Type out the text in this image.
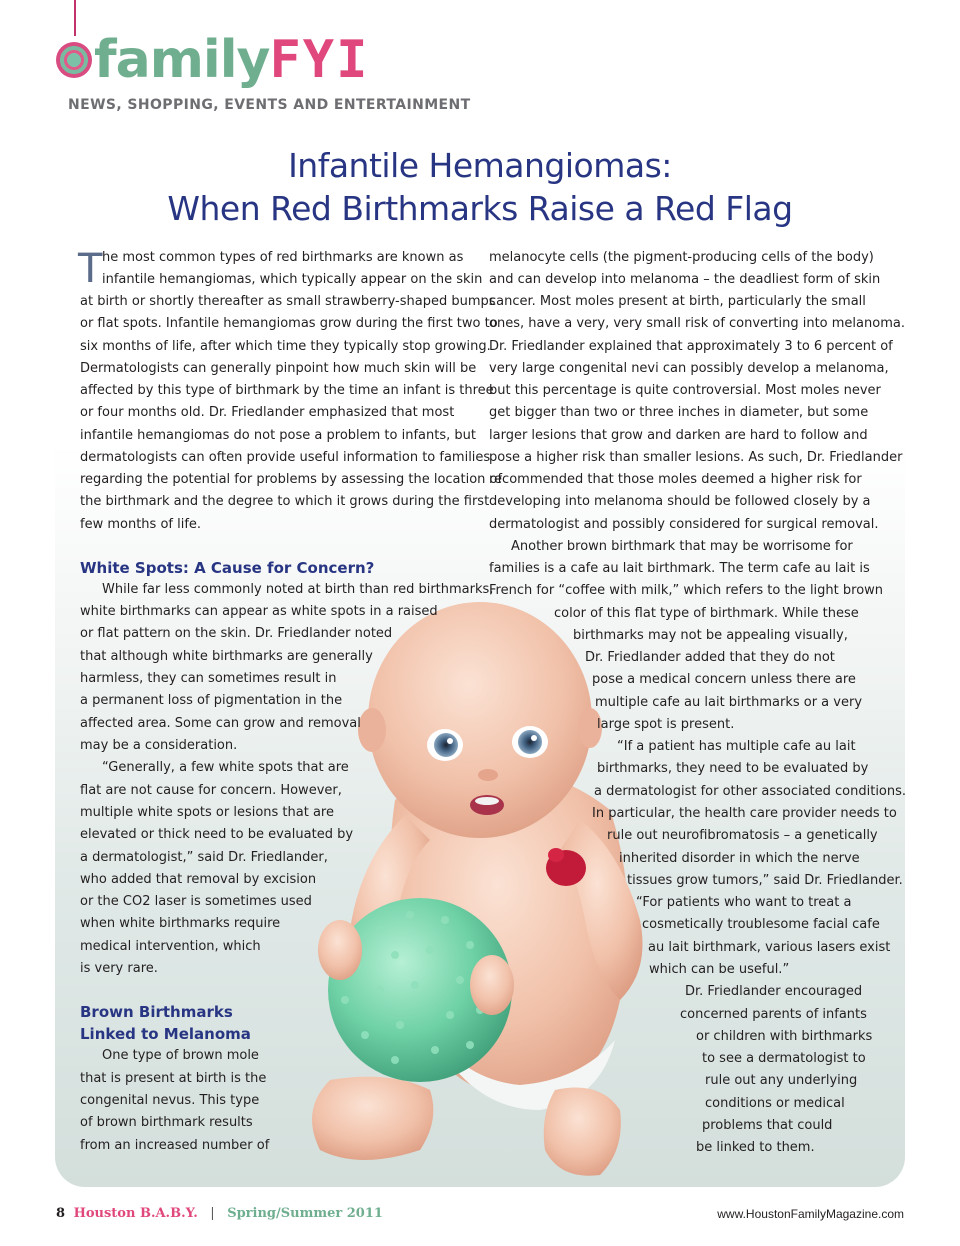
familyFYI
NEWS, SHOPPING, EVENTS AND ENTERTAINMENT
Infantile Hemangiomas:
When Red Birthmarks Raise a Red Flag
T he most common types of red birthmarks are known as
infantile hemangiomas, which typically appear on the skin
at birth or shortly thereafter as small strawberry-shaped bumps
or flat spots. Infantile hemangiomas grow during the first two to
six months of life, after which time they typically stop growing.
Dermatologists can generally pinpoint how much skin will be
affected by this type of birthmark by the time an infant is three
or four months old. Dr. Friedlander emphasized that most
infantile hemangiomas do not pose a problem to infants, but
dermatologists can often provide useful information to families
regarding the potential for problems by assessing the location of
the birthmark and the degree to which it grows during the first
few months of life.
White Spots: A Cause for Concern?
While far less commonly noted at birth than red birthmarks,
white birthmarks can appear as white spots in a raised
or flat pattern on the skin. Dr. Friedlander noted
that although white birthmarks are generally
harmless, they can sometimes result in
a permanent loss of pigmentation in the
affected area. Some can grow and removal
may be a consideration.
“Generally, a few white spots that are
flat are not cause for concern. However,
multiple white spots or lesions that are
elevated or thick need to be evaluated by
a dermatologist,” said Dr. Friedlander,
who added that removal by excision
or the CO2 laser is sometimes used
when white birthmarks require
medical intervention, which
is very rare.
Brown Birthmarks
Linked to Melanoma
One type of brown mole
that is present at birth is the
congenital nevus. This type
of brown birthmark results
from an increased number of
melanocyte cells (the pigment-producing cells of the body)
and can develop into melanoma – the deadliest form of skin
cancer. Most moles present at birth, particularly the small
ones, have a very, very small risk of converting into melanoma.
Dr. Friedlander explained that approximately 3 to 6 percent of
very large congenital nevi can possibly develop a melanoma,
but this percentage is quite controversial. Most moles never
get bigger than two or three inches in diameter, but some
larger lesions that grow and darken are hard to follow and
pose a higher risk than smaller lesions. As such, Dr. Friedlander
recommended that those moles deemed a higher risk for
developing into melanoma should be followed closely by a
dermatologist and possibly considered for surgical removal.
Another brown birthmark that may be worrisome for
families is a cafe au lait birthmark. The term cafe au lait is
French for “coffee with milk,” which refers to the light brown
color of this flat type of birthmark. While these
birthmarks may not be appealing visually,
Dr. Friedlander added that they do not
pose a medical concern unless there are
multiple cafe au lait birthmarks or a very
large spot is present.
“If a patient has multiple cafe au lait
birthmarks, they need to be evaluated by
a dermatologist for other associated conditions.
In particular, the health care provider needs to
rule out neurofibromatosis – a genetically
inherited disorder in which the nerve
tissues grow tumors,” said Dr. Friedlander.
“For patients who want to treat a
cosmetically troublesome facial cafe
au lait birthmark, various lasers exist
which can be useful.”
Dr. Friedlander encouraged
concerned parents of infants
or children with birthmarks
to see a dermatologist to
rule out any underlying
conditions or medical
problems that could
be linked to them.
8 Houston B.A.B.Y. | Spring/Summer 2011	www.HoustonFamilyMagazine.com
